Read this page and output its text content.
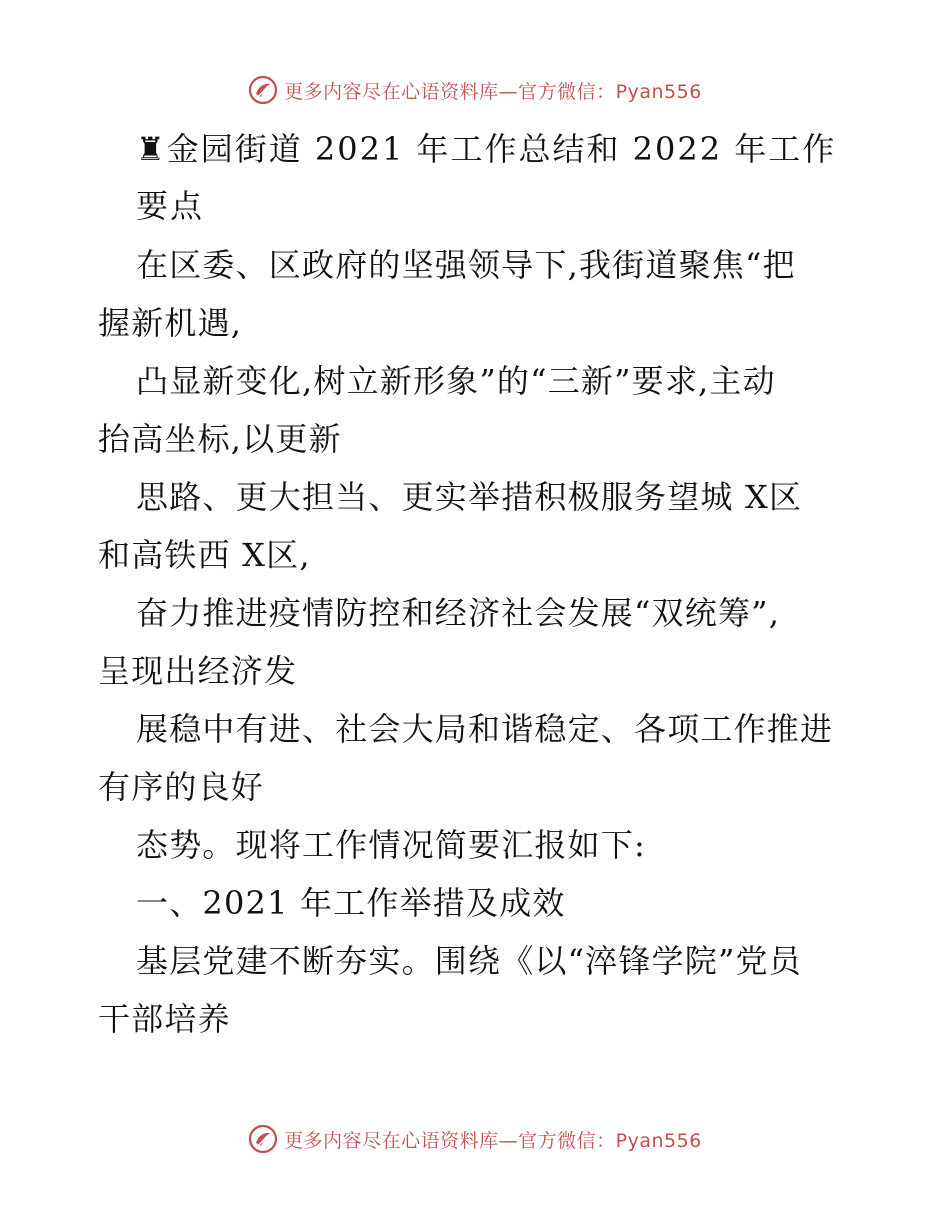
更多内容尽在心语资料库—官方微信：Pyan556
♜金园街道 2021 年工作总结和 2022 年工作
要点
在区委、区政府的坚强领导下,我街道聚焦“把
握新机遇,
凸显新变化,树立新形象”的“三新”要求,主动
抬高坐标,以更新
思路、更大担当、更实举措积极服务望城 X区
和高铁西 X区,
奋力推进疫情防控和经济社会发展“双统筹”,
呈现出经济发
展稳中有进、社会大局和谐稳定、各项工作推进
有序的良好
态势。现将工作情况简要汇报如下:
一、2021 年工作举措及成效
基层党建不断夯实。围绕《以“淬锋学院”党员
干部培养
更多内容尽在心语资料库—官方微信：Pyan556
